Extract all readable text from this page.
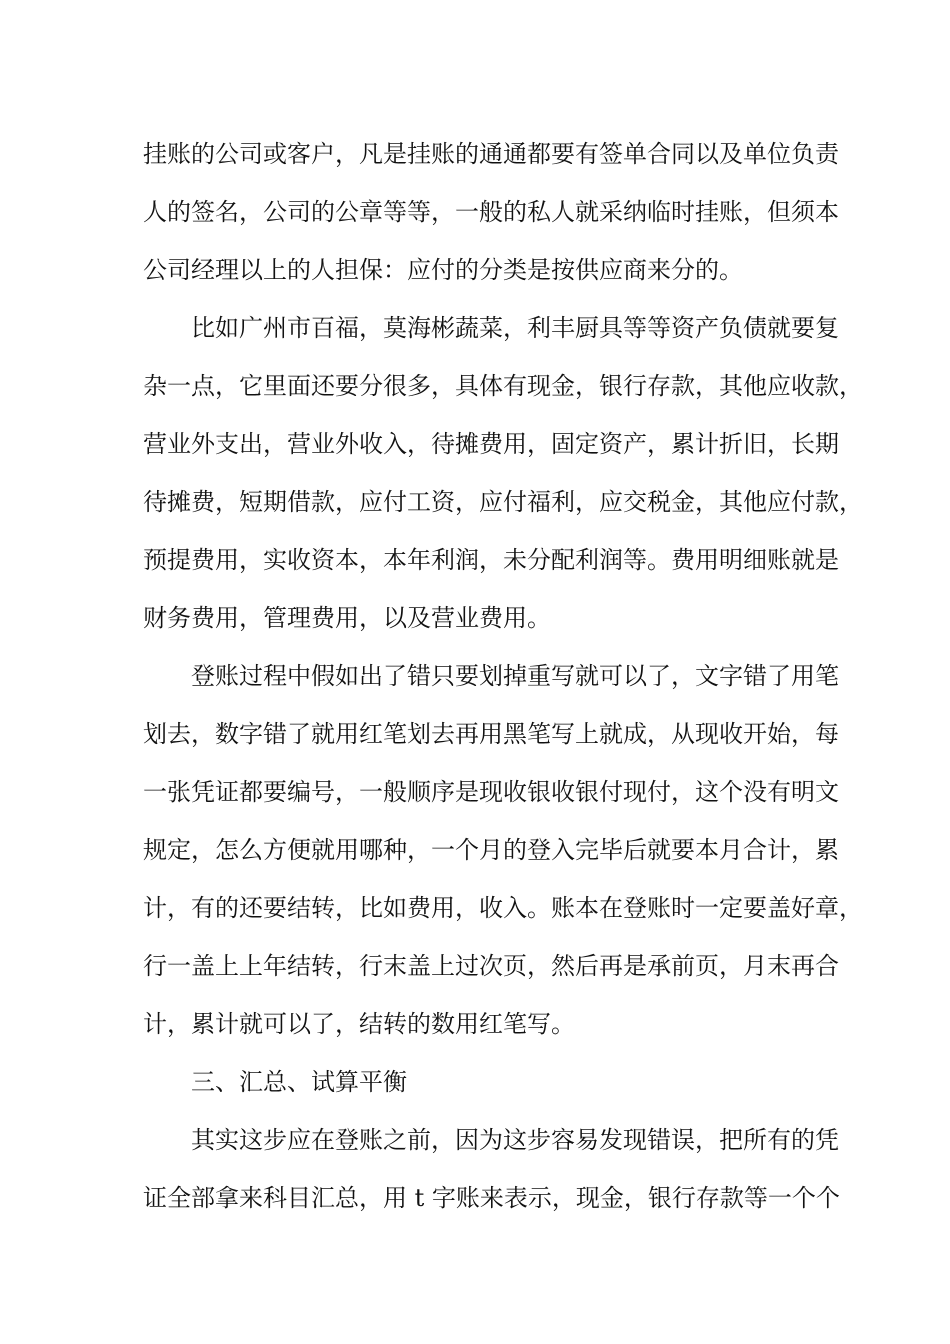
挂账的公司或客户，凡是挂账的通通都要有签单合同以及单位负责
人的签名，公司的公章等等，一般的私人就采纳临时挂账，但须本
公司经理以上的人担保：应付的分类是按供应商来分的。
比如广州市百福，莫海彬蔬菜，利丰厨具等等资产负债就要复
杂一点，它里面还要分很多，具体有现金，银行存款，其他应收款，
营业外支出，营业外收入，待摊费用，固定资产，累计折旧，长期
待摊费，短期借款，应付工资，应付福利，应交税金，其他应付款，
预提费用，实收资本，本年利润，未分配利润等。费用明细账就是
财务费用，管理费用，以及营业费用。
登账过程中假如出了错只要划掉重写就可以了，文字错了用笔
划去，数字错了就用红笔划去再用黑笔写上就成，从现收开始，每
一张凭证都要编号，一般顺序是现收银收银付现付，这个没有明文
规定，怎么方便就用哪种，一个月的登入完毕后就要本月合计，累
计，有的还要结转，比如费用，收入。账本在登账时一定要盖好章，
行一盖上上年结转，行末盖上过次页，然后再是承前页，月末再合
计，累计就可以了，结转的数用红笔写。
三、汇总、试算平衡
其实这步应在登账之前，因为这步容易发现错误，把所有的凭
证全部拿来科目汇总，用 t 字账来表示，现金，银行存款等一个个
